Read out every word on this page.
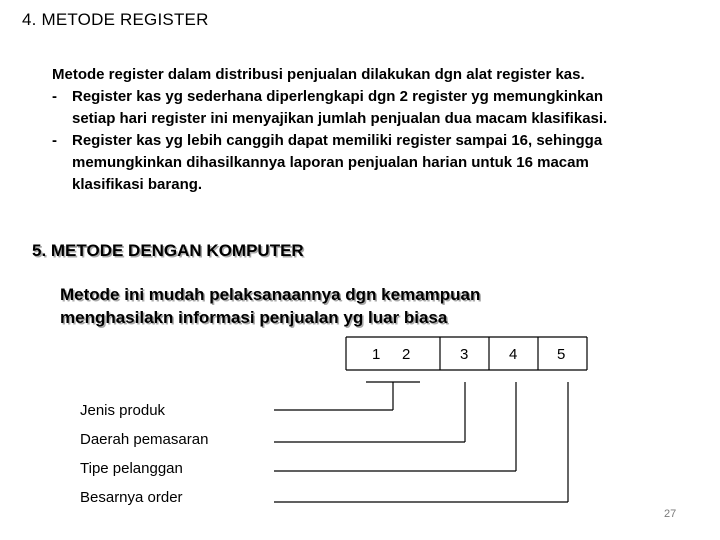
4. METODE REGISTER
Metode register dalam distribusi penjualan dilakukan dgn alat register kas.
- Register kas yg sederhana diperlengkapi dgn 2 register yg memungkinkan
setiap hari register ini menyajikan jumlah penjualan dua macam klasifikasi.
- Register kas yg lebih canggih dapat memiliki register sampai 16, sehingga
memungkinkan dihasilkannya laporan penjualan harian untuk 16 macam
klasifikasi barang.
5. METODE DENGAN KOMPUTER
Metode ini mudah pelaksanaannya dgn kemampuan
menghasilakn informasi penjualan yg luar biasa
1 2	3	4	5
Jenis produk
Daerah pemasaran
Tipe pelanggan
Besarnya order
27
